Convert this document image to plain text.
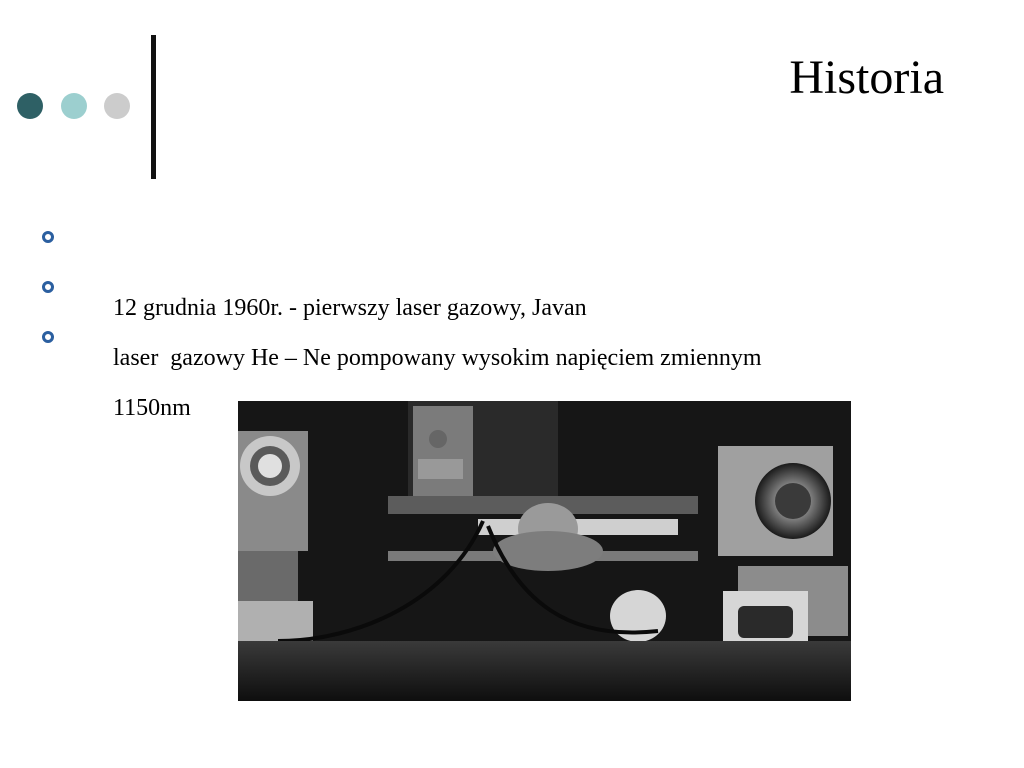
Historia

12 grudnia 1960r. - pierwszy laser gazowy, Javan

laser  gazowy He – Ne pompowany wysokim napięciem zmiennym

1150nm
